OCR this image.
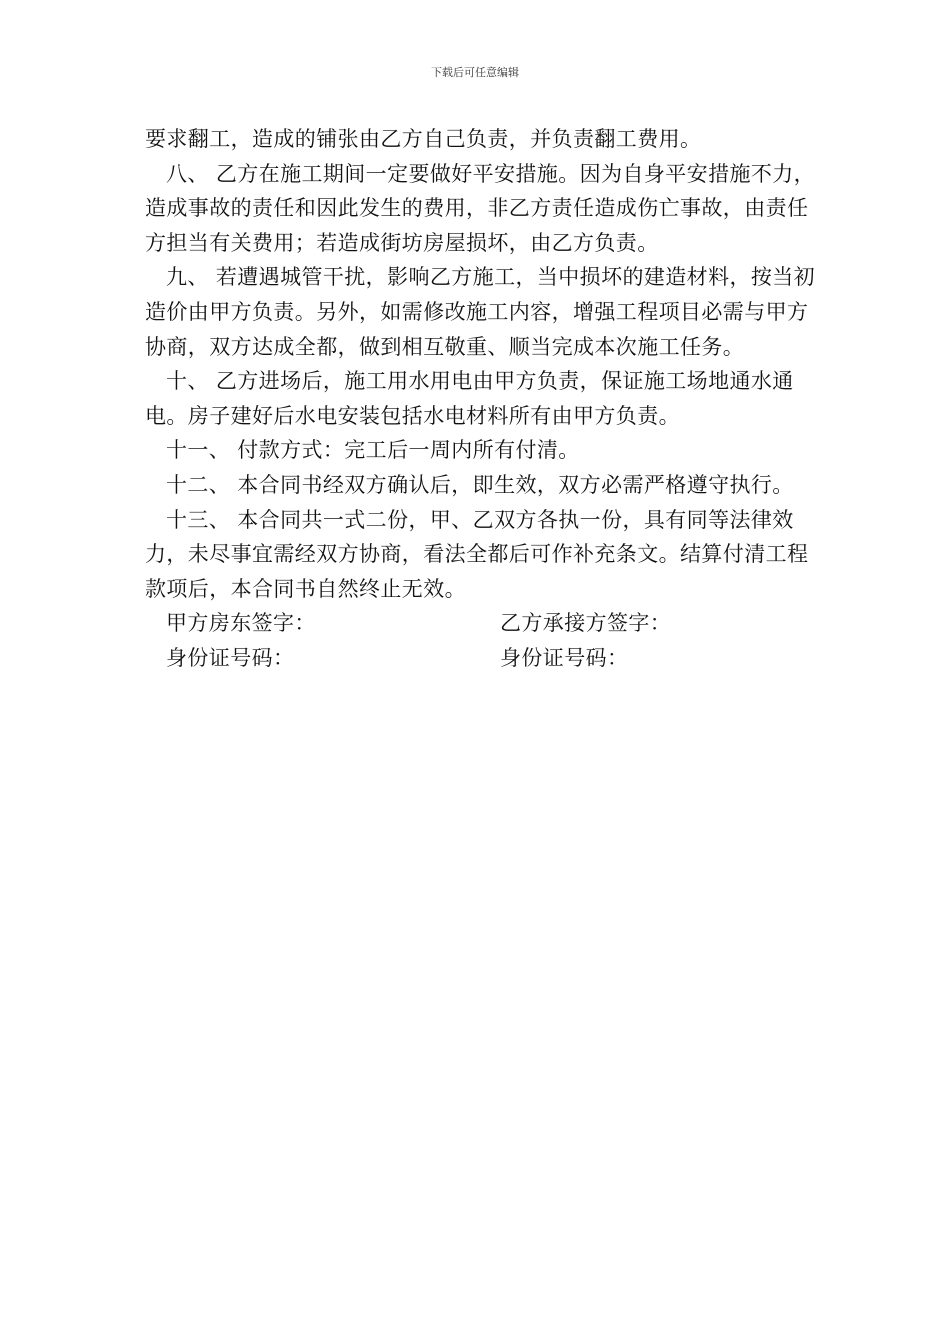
下载后可任意编辑

要求翻工，造成的铺张由乙方自己负责，并负责翻工费用。

八、 乙方在施工期间一定要做好平安措施。因为自身平安措施不力，造成事故的责任和因此发生的费用，非乙方责任造成伤亡事故，由责任方担当有关费用；若造成街坊房屋损坏，由乙方负责。

九、 若遭遇城管干扰，影响乙方施工，当中损坏的建造材料，按当初造价由甲方负责。另外，如需修改施工内容，增强工程项目必需与甲方协商，双方达成全都，做到相互敬重、顺当完成本次施工任务。

十、 乙方进场后，施工用水用电由甲方负责，保证施工场地通水通电。房子建好后水电安装包括水电材料所有由甲方负责。

十一、 付款方式：完工后一周内所有付清。

十二、 本合同书经双方确认后，即生效，双方必需严格遵守执行。

十三、 本合同共一式二份，甲、乙双方各执一份，具有同等法律效力，未尽事宜需经双方协商，看法全都后可作补充条文。结算付清工程款项后，本合同书自然终止无效。

甲方房东签字：	乙方承接方签字：
身份证号码：	身份证号码：
